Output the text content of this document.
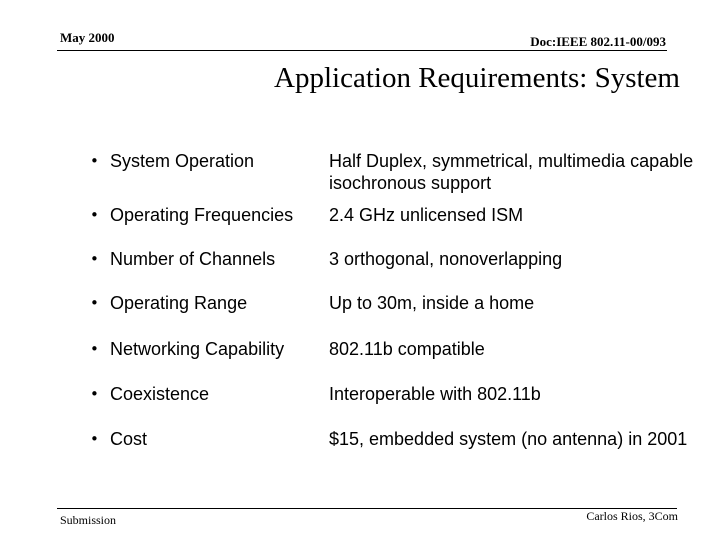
May 2000	Doc:IEEE 802.11-00/093
Application Requirements: System
• System Operation	Half Duplex, symmetrical, multimedia capable isochronous support
• Operating Frequencies 2.4 GHz unlicensed ISM
• Number of Channels	3 orthogonal, nonoverlapping
• Operating Range	Up to 30m, inside a home
• Networking Capability 802.11b compatible
• Coexistence	Interoperable with 802.11b
• Cost	$15, embedded system (no antenna) in 2001
Submission	Carlos Rios, 3Com
